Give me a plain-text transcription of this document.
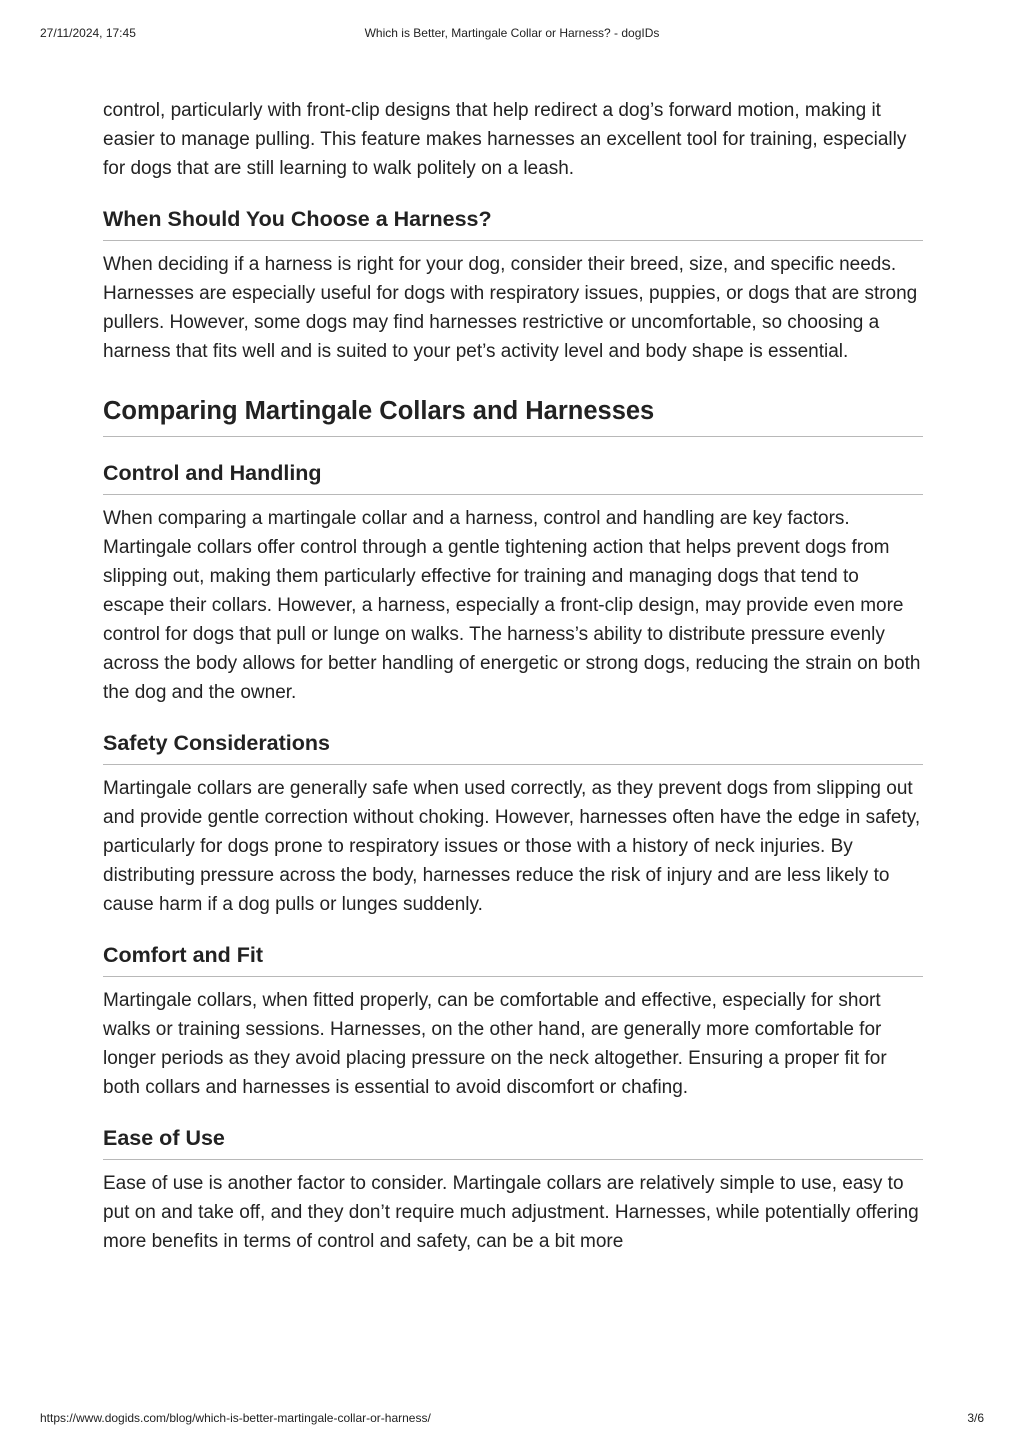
27/11/2024, 17:45	Which is Better, Martingale Collar or Harness? - dogIDs

control, particularly with front-clip designs that help redirect a dog’s forward motion, making it easier to manage pulling. This feature makes harnesses an excellent tool for training, especially for dogs that are still learning to walk politely on a leash.

When Should You Choose a Harness?

When deciding if a harness is right for your dog, consider their breed, size, and specific needs. Harnesses are especially useful for dogs with respiratory issues, puppies, or dogs that are strong pullers. However, some dogs may find harnesses restrictive or uncomfortable, so choosing a harness that fits well and is suited to your pet’s activity level and body shape is essential.

Comparing Martingale Collars and Harnesses
Control and Handling

When comparing a martingale collar and a harness, control and handling are key factors. Martingale collars offer control through a gentle tightening action that helps prevent dogs from slipping out, making them particularly effective for training and managing dogs that tend to escape their collars. However, a harness, especially a front-clip design, may provide even more control for dogs that pull or lunge on walks. The harness’s ability to distribute pressure evenly across the body allows for better handling of energetic or strong dogs, reducing the strain on both the dog and the owner.

Safety Considerations

Martingale collars are generally safe when used correctly, as they prevent dogs from slipping out and provide gentle correction without choking. However, harnesses often have the edge in safety, particularly for dogs prone to respiratory issues or those with a history of neck injuries. By distributing pressure across the body, harnesses reduce the risk of injury and are less likely to cause harm if a dog pulls or lunges suddenly.

Comfort and Fit

Martingale collars, when fitted properly, can be comfortable and effective, especially for short walks or training sessions. Harnesses, on the other hand, are generally more comfortable for longer periods as they avoid placing pressure on the neck altogether. Ensuring a proper fit for both collars and harnesses is essential to avoid discomfort or chafing.

Ease of Use

Ease of use is another factor to consider. Martingale collars are relatively simple to use, easy to put on and take off, and they don’t require much adjustment. Harnesses, while potentially offering more benefits in terms of control and safety, can be a bit more

https://www.dogids.com/blog/which-is-better-martingale-collar-or-harness/	3/6
